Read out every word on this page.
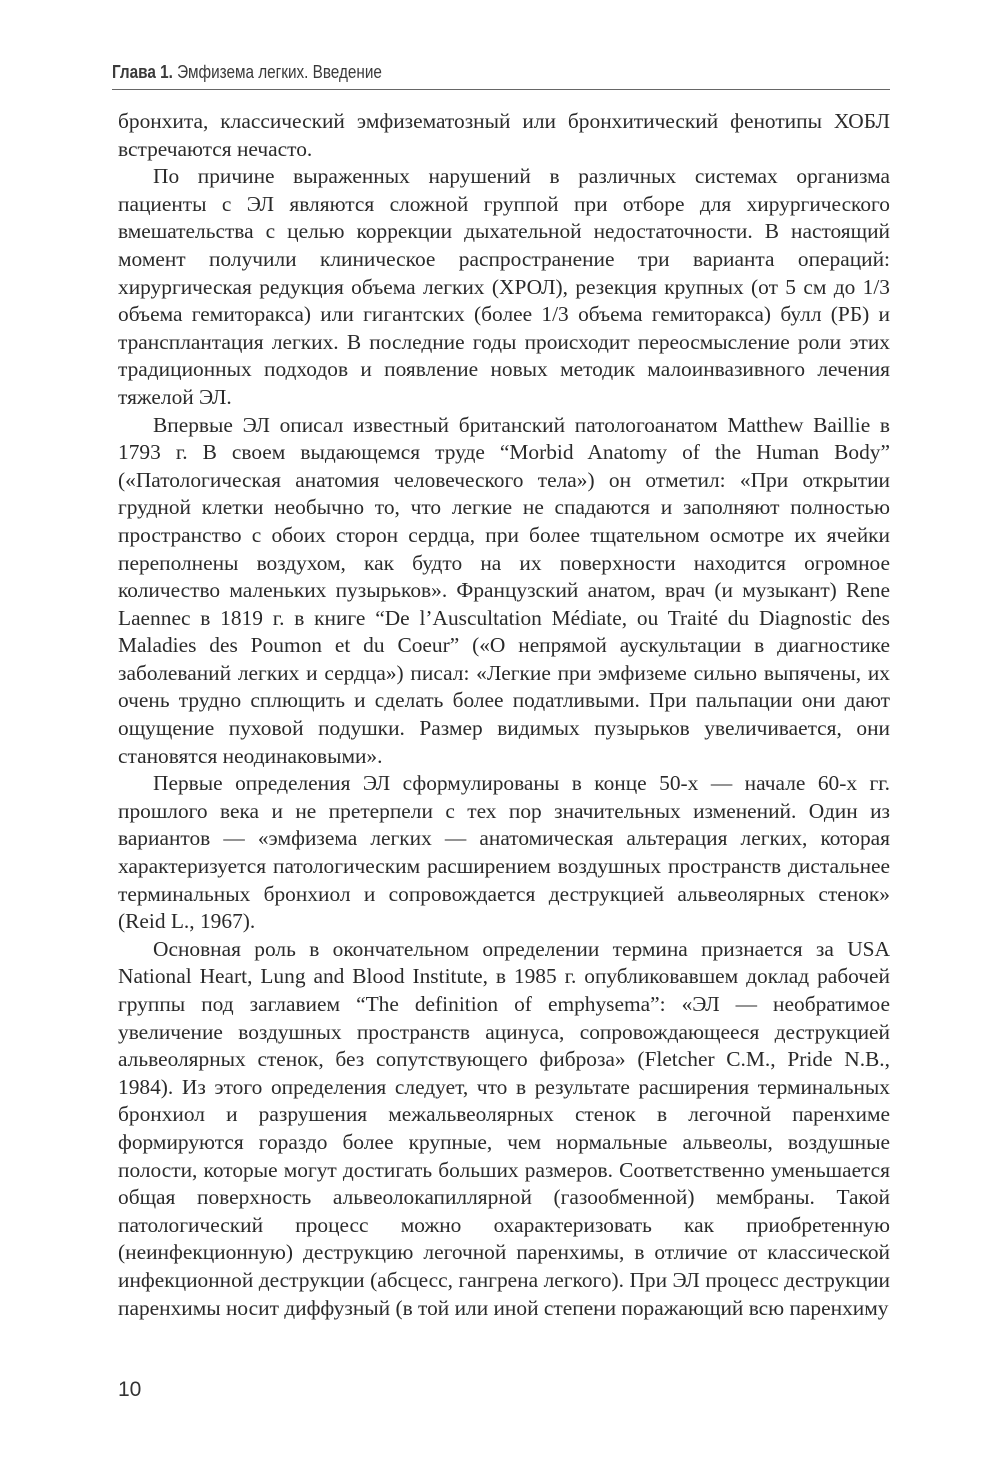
Глава 1. Эмфизема легких. Введение

бронхита, классический эмфизематозный или бронхитический фенотипы ХОБЛ встречаются нечасто.

По причине выраженных нарушений в различных системах организма пациенты с ЭЛ являются сложной группой при отборе для хирургического вмешательства с целью коррекции дыхательной недостаточности. В настоящий момент получили клиническое распространение три варианта операций: хирургическая редукция объема легких (ХРОЛ), резекция крупных (от 5 см до 1/3 объема гемиторакса) или гигантских (более 1/3 объема гемиторакса) булл (РБ) и трансплантация легких. В последние годы происходит переосмысление роли этих традиционных подходов и появление новых методик малоинвазивного лечения тяжелой ЭЛ.

Впервые ЭЛ описал известный британский патологоанатом Matthew Baillie в 1793 г. В своем выдающемся труде “Morbid Anatomy of the Human Body” («Патологическая анатомия человеческого тела») он отметил: «При открытии грудной клетки необычно то, что легкие не спадаются и заполняют полностью пространство с обоих сторон сердца, при более тщательном осмотре их ячейки переполнены воздухом, как будто на их поверхности находится огромное количество маленьких пузырьков». Французский анатом, врач (и музыкант) Rene Laennec в 1819 г. в книге “De l’Auscultation Médiate, ou Traité du Diagnostic des Maladies des Poumon et du Coeur” («О непрямой аускультации в диагностике заболеваний легких и сердца») писал: «Легкие при эмфиземе сильно выпячены, их очень трудно сплющить и сделать более податливыми. При пальпации они дают ощущение пуховой подушки. Размер видимых пузырьков увеличивается, они становятся неодинаковыми».

Первые определения ЭЛ сформулированы в конце 50-х — начале 60-х гг. прошлого века и не претерпели с тех пор значительных изменений. Один из вариантов — «эмфизема легких — анатомическая альтерация легких, которая характеризуется патологическим расширением воздушных пространств дистальнее терминальных бронхиол и сопровождается деструкцией альвеолярных стенок» (Reid L., 1967).

Основная роль в окончательном определении термина признается за USA National Heart, Lung and Blood Institute, в 1985 г. опубликовавшем доклад рабочей группы под заглавием “The definition of emphysema”: «ЭЛ — необратимое увеличение воздушных пространств ацинуса, сопровождающееся деструкцией альвеолярных стенок, без сопутствующего фиброза» (Fletcher C.M., Pride N.B., 1984). Из этого определения следует, что в результате расширения терминальных бронхиол и разрушения межальвеолярных стенок в легочной паренхиме формируются гораздо более крупные, чем нормальные альвеолы, воздушные полости, которые могут достигать больших размеров. Соответственно уменьшается общая поверхность альвеолокапиллярной (газообменной) мембраны. Такой патологический процесс можно охарактеризовать как приобретенную (неинфекционную) деструкцию легочной паренхимы, в отличие от классической инфекционной деструкции (абсцесс, гангрена легкого). При ЭЛ процесс деструкции паренхимы носит диффузный (в той или иной степени поражающий всю паренхиму

10
